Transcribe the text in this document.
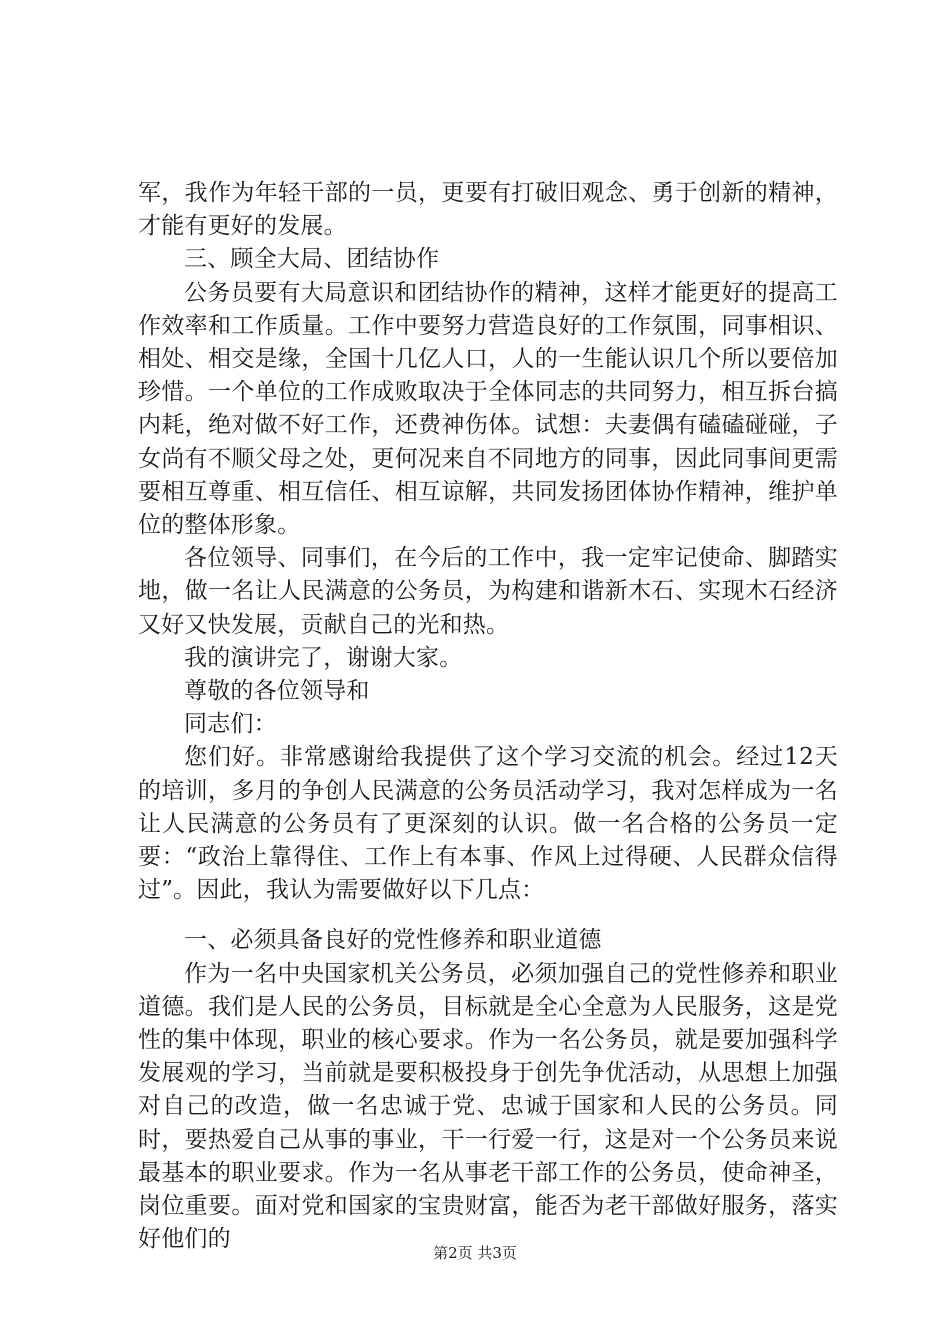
军，我作为年轻干部的一员，更要有打破旧观念、勇于创新的精神，才能有更好的发展。

三、顾全大局、团结协作

公务员要有大局意识和团结协作的精神，这样才能更好的提高工作效率和工作质量。工作中要努力营造良好的工作氛围，同事相识、相处、相交是缘，全国十几亿人口，人的一生能认识几个所以要倍加珍惜。一个单位的工作成败取决于全体同志的共同努力，相互拆台搞内耗，绝对做不好工作，还费神伤体。试想：夫妻偶有磕磕碰碰，子女尚有不顺父母之处，更何况来自不同地方的同事，因此同事间更需要相互尊重、相互信任、相互谅解，共同发扬团体协作精神，维护单位的整体形象。

各位领导、同事们，在今后的工作中，我一定牢记使命、脚踏实地，做一名让人民满意的公务员，为构建和谐新木石、实现木石经济又好又快发展，贡献自己的光和热。

我的演讲完了，谢谢大家。

尊敬的各位领导和

同志们：

您们好。非常感谢给我提供了这个学习交流的机会。经过12天的培训，多月的争创人民满意的公务员活动学习，我对怎样成为一名让人民满意的公务员有了更深刻的认识。做一名合格的公务员一定要：“政治上靠得住、工作上有本事、作风上过得硬、人民群众信得过”。因此，我认为需要做好以下几点：

一、必须具备良好的党性修养和职业道德

作为一名中央国家机关公务员，必须加强自己的党性修养和职业道德。我们是人民的公务员，目标就是全心全意为人民服务，这是党性的集中体现，职业的核心要求。作为一名公务员，就是要加强科学发展观的学习，当前就是要积极投身于创先争优活动，从思想上加强对自己的改造，做一名忠诚于党、忠诚于国家和人民的公务员。同时，要热爱自己从事的事业，干一行爱一行，这是对一个公务员来说最基本的职业要求。作为一名从事老干部工作的公务员，使命神圣，岗位重要。面对党和国家的宝贵财富，能否为老干部做好服务，落实好他们的

第2页 共3页
